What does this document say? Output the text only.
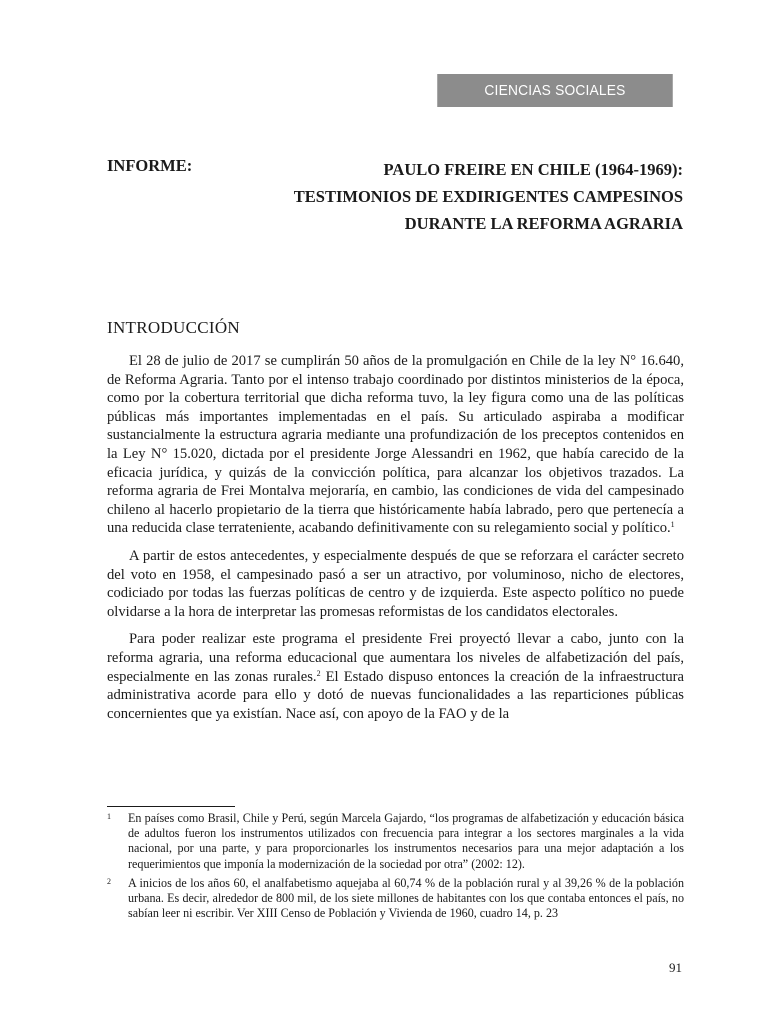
CIENCIAS SOCIALES
INFORME:	PAULO FREIRE EN CHILE (1964-1969):
TESTIMONIOS DE EXDIRIGENTES CAMPESINOS
DURANTE LA REFORMA AGRARIA
INTRODUCCIÓN

El 28 de julio de 2017 se cumplirán 50 años de la promulgación en Chile de la ley N° 16.640, de Reforma Agraria. Tanto por el intenso trabajo coordinado por distintos ministerios de la época, como por la cobertura territorial que dicha reforma tuvo, la ley figura como una de las políticas públicas más importantes implementadas en el país. Su articulado aspiraba a modificar sustancialmente la estructura agraria mediante una profundización de los preceptos contenidos en la Ley N° 15.020, dictada por el presidente Jorge Alessandri en 1962, que había carecido de la eficacia jurídica, y quizás de la convicción política, para alcanzar los objetivos trazados. La reforma agraria de Frei Montalva mejoraría, en cambio, las condiciones de vida del campesinado chileno al hacerlo propietario de la tierra que históricamente había labrado, pero que pertenecía a una reducida clase terrateniente, acabando definitivamente con su relegamiento social y político.$^1$

A partir de estos antecedentes, y especialmente después de que se reforzara el carácter secreto del voto en 1958, el campesinado pasó a ser un atractivo, por voluminoso, nicho de electores, codiciado por todas las fuerzas políticas de centro y de izquierda. Este aspecto político no puede olvidarse a la hora de interpretar las promesas reformistas de los candidatos electorales.

Para poder realizar este programa el presidente Frei proyectó llevar a cabo, junto con la reforma agraria, una reforma educacional que aumentara los niveles de alfabetización del país, especialmente en las zonas rurales.$^2$ El Estado dispuso entonces la creación de la infraestructura administrativa acorde para ello y dotó de nuevas funcionalidades a las reparticiones públicas concernientes que ya existían. Nace así, con apoyo de la FAO y de la

1	En países como Brasil, Chile y Perú, según Marcela Gajardo, “los programas de alfabetización y educación básica de adultos fueron los instrumentos utilizados con frecuencia para integrar a los sectores marginales a la vida nacional, por una parte, y para proporcionarles los instrumentos necesarios para una mejor adaptación a los requerimientos que imponía la modernización de la sociedad por otra” (2002: 12).
2	A inicios de los años 60, el analfabetismo aquejaba al 60,74 % de la población rural y al 39,26 % de la población urbana. Es decir, alrededor de 800 mil, de los siete millones de habitantes con los que contaba entonces el país, no sabían leer ni escribir. Ver XIII Censo de Población y Vivienda de 1960, cuadro 14, p. 23
91
